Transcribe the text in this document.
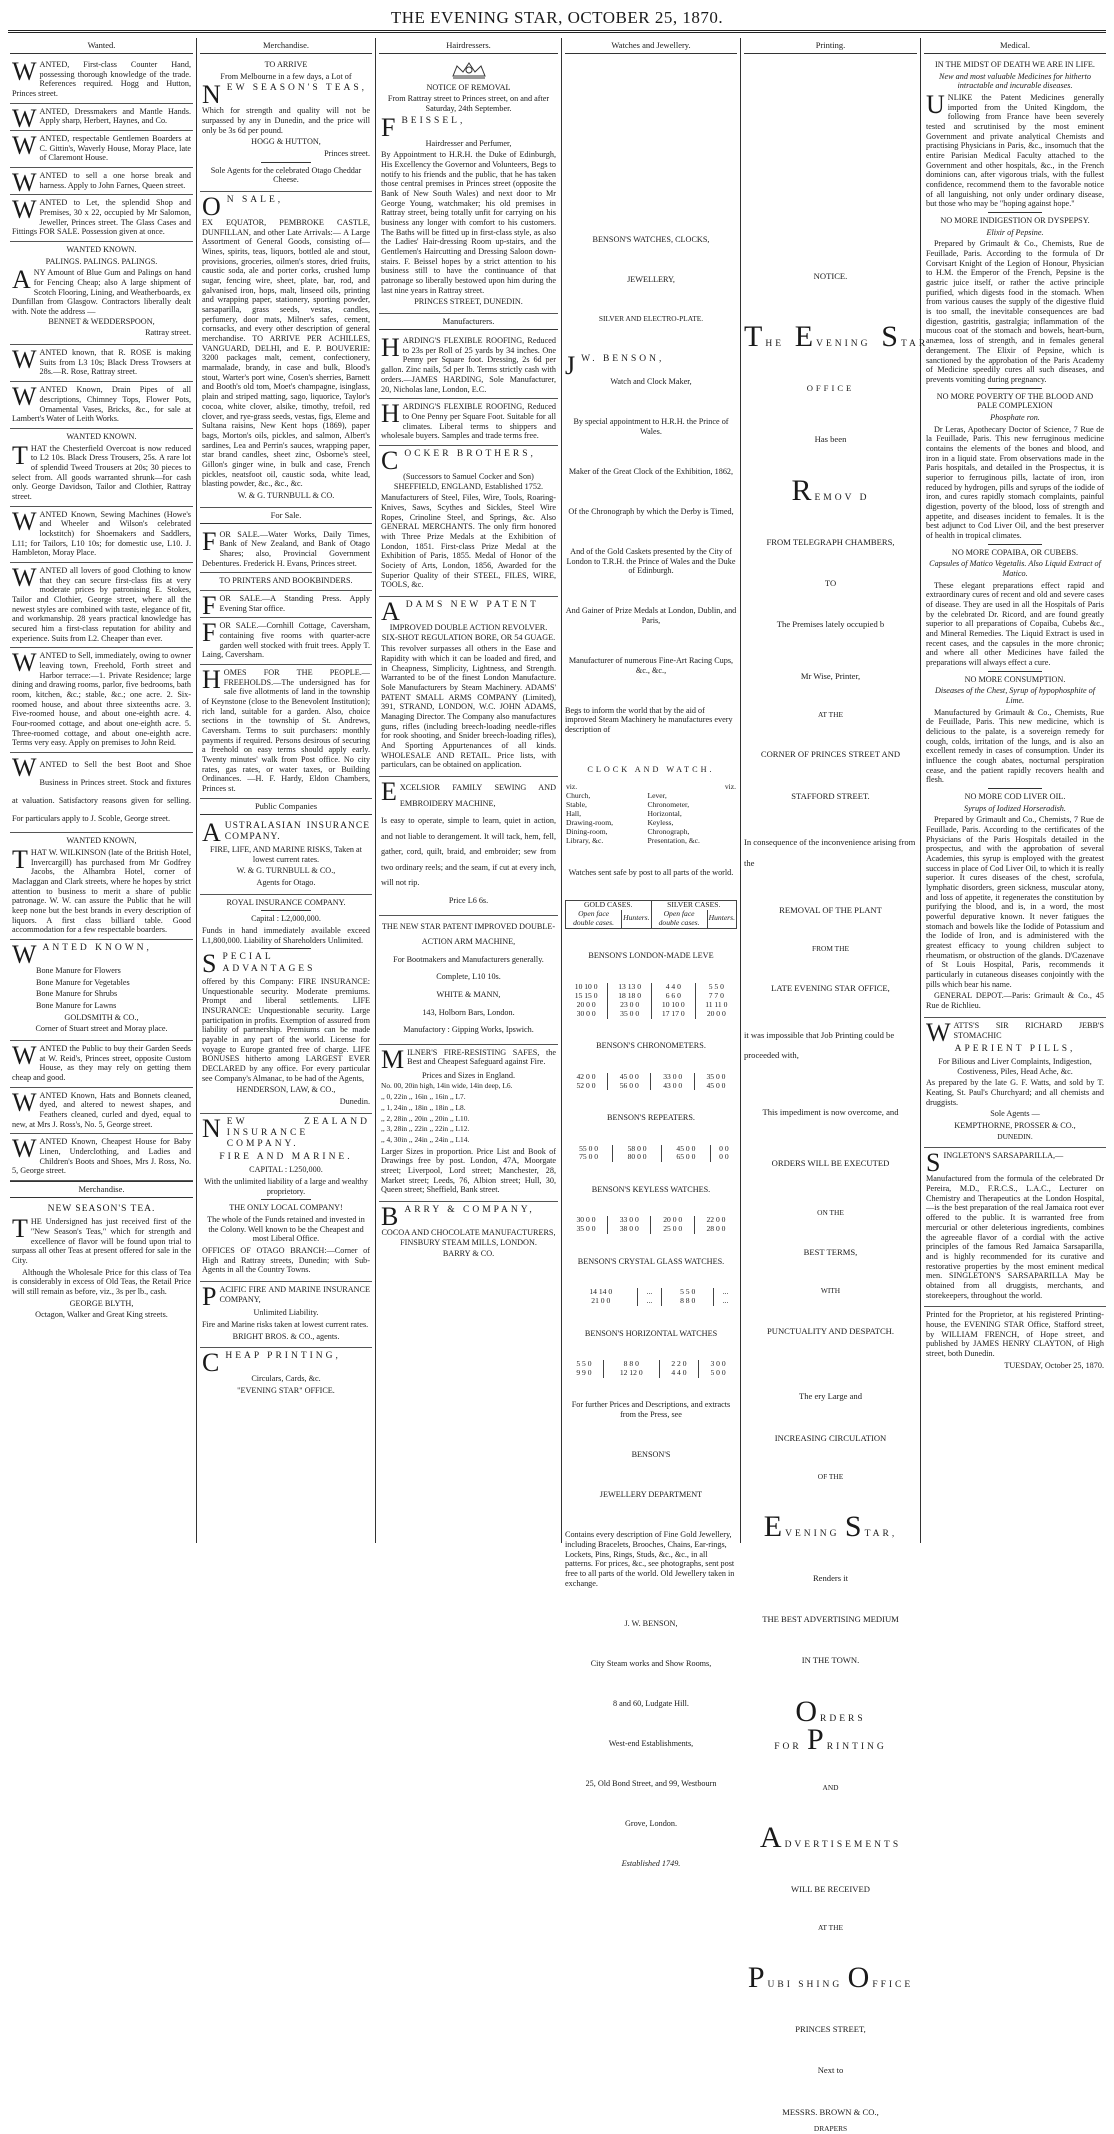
THE EVENING STAR, OCTOBER 25, 1870.
Wanted.
WANTED, First-class Counter Hand, possessing thorough knowledge of the trade. References required. Hogg and Hutton, Princes street.
WANTED, Dressmakers and Mantle Hands. Apply sharp, Herbert, Haynes, and Co.
WANTED, respectable Gentlemen Boarders at C. Gittin's, Waverly House, Moray Place, late of Claremont House.
WANTED to sell a one horse break and harness. Apply to John Farnes, Queen street.
WANTED to Let, the splendid Shop and Premises, 30 x 22, occupied by Mr Salomon, Jeweller, Princes street. The Glass Cases and Fittings FOR SALE. Possession given at once.

WANTED KNOWN.

PALINGS. PALINGS. PALINGS.

A NY Amount of Blue Gum and Palings on hand for Fencing Cheap; also A large shipment of Scotch Flooring, Lining, and Weatherboards, ex Dunfillan from Glasgow. Contractors liberally dealt with. Note the address —

BENNET & WEDDERSPOON,

Rattray street.

WANTED known, that R. ROSE is making Suits from L3 10s; Black Dress Trowsers at 28s.—R. Rose, Rattray street.
WANTED Known, Drain Pipes of all descriptions, Chimney Tops, Flower Pots, Ornamental Vases, Bricks, &c., for sale at Lambert's Water of Leith Works.

WANTED KNOWN.

T HAT the Chesterfield Overcoat is now reduced to L2 10s. Black Dress Trousers, 25s. A rare lot of splendid Tweed Trousers at 20s; 30 pieces to select from. All goods warranted shrunk—for cash only. George Davidson, Tailor and Clothier, Rattray street.
WANTED Known, Sewing Machines (Howe's and Wheeler and Wilson's celebrated lockstitch) for Shoemakers and Saddlers, L11; for Tailors, L10 10s; for domestic use, L10. J. Hambleton, Moray Place.
WANTED all lovers of good Clothing to know that they can secure first-class fits at very moderate prices by patronising E. Stokes, Tailor and Clothier, George street, where all the newest styles are combined with taste, elegance of fit, and workmanship. 28 years practical knowledge has secured him a first-class reputation for ability and experience. Suits from L2. Cheaper than ever.
WANTED to Sell, immediately, owing to owner leaving town, Freehold, Forth street and Harbor terrace:—1. Private Residence; large dining and drawing rooms, parlor, five bedrooms, bath room, kitchen, &c.; stable, &c.; one acre. 2. Six-roomed house, and about three sixteenths acre. 3. Five-roomed house, and about one-eighth acre. 4. Four-roomed cottage, and about one-eighth acre. 5. Three-roomed cottage, and about one-eighth acre. Terms very easy. Apply on premises to John Reid.
WANTED to Sell the best Boot and Shoe Business in Princes street. Stock and fixtures at valuation. Satisfactory reasons given for selling. For particulars apply to J. Scoble, George street.

WANTED KNOWN,

T HAT W. WILKINSON (late of the British Hotel, Invercargill) has purchased from Mr Godfrey Jacobs, the Alhambra Hotel, corner of Maclaggan and Clark streets, where he hopes by strict attention to business to merit a share of public patronage. W. W. can assure the Public that he will keep none but the best brands in every description of liquors. A first class billiard table. Good accommodation for a few respectable boarders.

WANTED KNOWN,

Bone Manure for Flowers

Bone Manure for Vegetables

Bone Manure for Shrubs

Bone Manure for Lawns

GOLDSMITH & CO.,

Corner of Stuart street and Moray place.

WANTED the Public to buy their Garden Seeds at W. Reid's, Princes street, opposite Custom House, as they may rely on getting them cheap and good.
WANTED Known, Hats and Bonnets cleaned, dyed, and altered to newest shapes, and Feathers cleaned, curled and dyed, equal to new, at Mrs J. Ross's, No. 5, George street.
WANTED Known, Cheapest House for Baby Linen, Underclothing, and Ladies and Children's Boots and Shoes, Mrs J. Ross, No. 5, George street.
Merchandise.

NEW SEASON'S TEA.

T HE Undersigned has just received first of the "New Season's Teas," which for strength and excellence of flavor will be found upon trial to surpass all other Teas at present offered for sale in the City.

Although the Wholesale Price for this class of Tea is considerably in excess of Old Teas, the Retail Price will still remain as before, viz., 3s per lb., cash.

GEORGE BLYTH,

Octagon, Walker and Great King streets.

Merchandise.

TO ARRIVE

From Melbourne in a few days, a Lot of

NEW SEASON'S TEAS,

Which for strength and quality will not be surpassed by any in Dunedin, and the price will only be 3s 6d per pound.

HOGG & HUTTON,

Princes street.

Sole Agents for the celebrated Otago Cheddar Cheese.

O N SALE,

EX EQUATOR, PEMBROKE CASTLE, DUNFILLAN, and other Late Arrivals:— A Large Assortment of General Goods, consisting of— Wines, spirits, teas, liquors, bottled ale and stout, provisions, groceries, oilmen's stores, dried fruits, caustic soda, ale and porter corks, crushed lump sugar, fencing wire, sheet, plate, bar, rod, and galvanised iron, hops, malt, linseed oils, printing and wrapping paper, stationery, sporting powder, sarsaparilla, grass seeds, vestas, candles, perfumery, door mats, Milner's safes, cement, cornsacks, and every other description of general merchandise. TO ARRIVE PER ACHILLES, VANGUARD, DELHI, and E. P. BOUVERIE: 3200 packages malt, cement, confectionery, marmalade, brandy, in case and bulk, Blood's stout, Warter's port wine, Cosen's sherries, Barnett and Booth's old tom, Moet's champagne, isinglass, plain and striped matting, sago, liquorice, Taylor's cocoa, white clover, alsike, timothy, trefoil, red clover, and rye-grass seeds, vestas, figs, Eleme and Sultana raisins, New Kent hops (1869), paper bags, Morton's oils, pickles, and salmon, Albert's sardines, Lea and Perrin's sauces, wrapping paper, star brand candles, sheet zinc, Osborne's steel, Gillon's ginger wine, in bulk and case, French pickles, neatsfoot oil, caustic soda, white lead, blasting powder, &c., &c., &c.

W. & G. TURNBULL & CO.

For Sale.
FOR SALE.—Water Works, Daily Times, Bank of New Zealand, and Bank of Otago Shares; also, Provincial Government Debentures. Frederick H. Evans, Princes street.
TO PRINTERS AND BOOKBINDERS.
FOR SALE.—A Standing Press. Apply Evening Star office.
FOR SALE.—Cornhill Cottage, Caversham, containing five rooms with quarter-acre garden well stocked with fruit trees. Apply T. Laing, Caversham.
HOMES FOR THE PEOPLE.—FREEHOLDS.—The undersigned has for sale five allotments of land in the township of Keynstone (close to the Benevolent Institution); rich land, suitable for a garden. Also, choice sections in the township of St. Andrews, Caversham. Terms to suit purchasers: monthly payments if required. Persons desirous of securing a freehold on easy terms should apply early. Twenty minutes' walk from Post office. No city rates, gas rates, or water taxes, or Building Ordinances. —H. F. Hardy, Eldon Chambers, Princes st.
Public Companies

AUSTRALASIAN INSURANCE COMPANY.

FIRE, LIFE, AND MARINE RISKS, Taken at lowest current rates.

W. & G. TURNBULL & CO.,

Agents for Otago.

ROYAL INSURANCE COMPANY.

Capital : L2,000,000.

Funds in hand immediately available exceed L1,800,000. Liability of Shareholders Unlimited.

SPECIAL ADVANTAGES

offered by this Company: FIRE INSURANCE: Unquestionable security. Moderate premiums. Prompt and liberal settlements. LIFE INSURANCE: Unquestionable security. Large participation in profits. Exemption of assured from liability of partnership. Premiums can be made payable in any part of the world. License for voyage to Europe granted free of charge. LIFE BONUSES hitherto among LARGEST EVER DECLARED by any office. For every particular see Company's Almanac, to be had of the Agents,

HENDERSON, LAW, & CO.,

Dunedin.

NEW ZEALAND INSURANCE COMPANY.

FIRE AND MARINE.

CAPITAL : L250,000.

With the unlimited liability of a large and wealthy proprietory.

THE ONLY LOCAL COMPANY!

The whole of the Funds retained and invested in the Colony. Well known to be the Cheapest and most Liberal Office.

OFFICES OF OTAGO BRANCH:—Corner of High and Rattray streets, Dunedin; with Sub-Agents in all the Country Towns.

PACIFIC FIRE AND MARINE INSURANCE COMPANY,

Unlimited Liability.

Fire and Marine risks taken at lowest current rates.

BRIGHT BROS. & CO., agents.

CHEAP PRINTING,

Circulars, Cards, &c.

"EVENING STAR" OFFICE.

Hairdressers.

NOTICE OF REMOVAL

From Rattray street to Princes street, on and after Saturday, 24th September.

FBEISSEL,

Hairdresser and Perfumer,

By Appointment to H.R.H. the Duke of Edinburgh, His Excellency the Governor and Volunteers, Begs to notify to his friends and the public, that he has taken those central premises in Princes street (opposite the Bank of New South Wales) and next door to Mr George Young, watchmaker; his old premises in Rattray street, being totally unfit for carrying on his business any longer with comfort to his customers. The Baths will be fitted up in first-class style, as also the Ladies' Hair-dressing Room up-stairs, and the Gentlemen's Haircutting and Dressing Saloon down-stairs. F. Beissel hopes by a strict attention to his business still to have the continuance of that patronage so liberally bestowed upon him during the last nine years in Rattray street.

PRINCES STREET, DUNEDIN.

Manufacturers.
HARDING'S FLEXIBLE ROOFING, Reduced to 23s per Roll of 25 yards by 34 inches. One Penny per Square foot. Dressing, 2s 6d per gallon. Zinc nails, 5d per lb. Terms strictly cash with orders.—JAMES HARDING, Sole Manufacturer, 20, Nicholas lane, London, E.C.
HARDING'S FLEXIBLE ROOFING, Reduced to One Penny per Square Foot. Suitable for all climates. Liberal terms to shippers and wholesale buyers. Samples and trade terms free.

COCKER BROTHERS,

(Successors to Samuel Cocker and Son) SHEFFIELD, ENGLAND, Established 1752.

Manufacturers of Steel, Files, Wire, Tools, Roaring-Knives, Saws, Scythes and Sickles, Steel Wire Ropes, Crinoline Steel, and Springs, &c. Also GENERAL MERCHANTS. The only firm honored with Three Prize Medals at the Exhibition of London, 1851. First-class Prize Medal at the Exhibition of Paris, 1855. Medal of Honor of the Society of Arts, London, 1856, Awarded for the Superior Quality of their STEEL, FILES, WIRE, TOOLS, &c.

ADAMS NEW PATENT

IMPROVED DOUBLE ACTION REVOLVER. SIX-SHOT REGULATION BORE, OR 54 GUAGE.

This revolver surpasses all others in the Ease and Rapidity with which it can be loaded and fired, and in Cheapness, Simplicity, Lightness, and Strength. Warranted to be of the finest London Manufacture. Sole Manufacturers by Steam Machinery. ADAMS' PATENT SMALL ARMS COMPANY (Limited), 391, STRAND, LONDON, W.C. JOHN ADAMS, Managing Director. The Company also manufactures guns, rifles (including breech-loading needle-rifles for rook shooting, and Snider breech-loading rifles), And Sporting Appurtenances of all kinds. WHOLESALE AND RETAIL. Price lists, with particulars, can be obtained on application.

EXCELSIOR FAMILY SEWING AND EMBROIDERY MACHINE,

Is easy to operate, simple to learn, quiet in action, and not liable to derangement. It will tack, hem, fell, gather, cord, quilt, braid, and embroider; sew from two ordinary reels; and the seam, if cut at every inch, will not rip.

Price L6 6s.

THE NEW STAR PATENT IMPROVED DOUBLE-ACTION ARM MACHINE,

For Bootmakers and Manufacturers generally.

Complete, L10 10s.

WHITE & MANN,

143, Holborn Bars, London.

Manufactory : Gipping Works, Ipswich.

MILNER'S FIRE-RESISTING SAFES, the Best and Cheapest Safeguard against Fire.

Prices and Sizes in England.

No. 00, 20in high, 14in wide, 14in deep, L6.

,, 0, 22in ,, 16in ,, 16in ,, L7.

,, 1, 24in ,, 18in ,, 18in ,, L8.

,, 2, 28in ,, 20in ,, 20in ,, L10.

,, 3, 28in ,, 22in ,, 22in ,, L12.

,, 4, 30in ,, 24in ,, 24in ,, L14.

Larger Sizes in proportion. Price List and Book of Drawings free by post. London, 47A, Moorgate street; Liverpool, Lord street; Manchester, 28, Market street; Leeds, 76, Albion street; Hull, 30, Queen street; Sheffield, Bank street.

BARRY & COMPANY,

COCOA AND CHOCOLATE MANUFACTURERS, FINSBURY STEAM MILLS, LONDON.

BARRY & CO.

Watches and Jewellery.

BENSON'S WATCHES, CLOCKS,

JEWELLERY,

SILVER AND ELECTRO-PLATE.

J W. BENSON,

Watch and Clock Maker,

By special appointment to H.R.H. the Prince of Wales.

Maker of the Great Clock of the Exhibition, 1862,

Of the Chronograph by which the Derby is Timed,

And of the Gold Caskets presented by the City of London to T.R.H. the Prince of Wales and the Duke of Edinburgh.

And Gainer of Prize Medals at London, Dublin, and Paris,

Manufacturer of numerous Fine-Art Racing Cups, &c., &c.,

Begs to inform the world that by the aid of improved Steam Machinery he manufactures every description of

CLOCK AND WATCH.

viz.	viz.
Church,	Lever,
Stable,	Chronometer,
Hall,	Horizontal,
Drawing-room,	Keyless,
Dining-room,	Chronograph,
Library, &c.	Presentation, &c.

Watches sent safe by post to all parts of the world.

GOLD CASES.		SILVER CASES.	
Open face double cases.	Hunters.	Open face double cases.	Hunters.

BENSON'S LONDON-MADE LEVE

10 10 0	13 13 0	4 4 0	5 5 0
15 15 0	18 18 0	6 6 0	7 7 0
20 0 0	23 0 0	10 10 0	11 11 0
30 0 0	35 0 0	17 17 0	20 0 0

BENSON'S CHRONOMETERS.

42 0 0	45 0 0	33 0 0	35 0 0
52 0 0	56 0 0	43 0 0	45 0 0

BENSON'S REPEATERS.

55 0 0	58 0 0	45 0 0	0 0
75 0 0	80 0 0	65 0 0	0 0

BENSON'S KEYLESS WATCHES.

30 0 0	33 0 0	20 0 0	22 0 0
35 0 0	38 0 0	25 0 0	28 0 0

BENSON'S CRYSTAL GLASS WATCHES.

14 14 0	...	5 5 0	...
21 0 0	...	8 8 0	...

BENSON'S HORIZONTAL WATCHES

5 5 0	8 8 0	2 2 0	3 0 0
9 9 0	12 12 0	4 4 0	5 0 0

For further Prices and Descriptions, and extracts from the Press, see

BENSON'S

JEWELLERY DEPARTMENT

Contains every description of Fine Gold Jewellery, including Bracelets, Brooches, Chains, Ear-rings, Lockets, Pins, Rings, Studs, &c., &c., in all patterns. For prices, &c., see photographs, sent post free to all parts of the world. Old Jewellery taken in exchange.

J. W. BENSON,

City Steam works and Show Rooms,

8 and 60, Ludgate Hill.

West-end Establishments,

25, Old Bond Street, and 99, Westbourn

Grove, London.

Established 1749.

Printing.

NOTICE.

THE EVENING STAR

OFFICE

Has been

REMOV D

FROM TELEGRAPH CHAMBERS,

TO

The Premises lately occupied b

Mr Wise, Printer,

AT THE

CORNER OF PRINCES STREET AND

STAFFORD STREET.

In consequence of the inconvenience arising from the

REMOVAL OF THE PLANT

FROM THE

LATE EVENING STAR OFFICE,

it was impossible that Job Printing could be proceeded with,

This impediment is now overcome, and

ORDERS WILL BE EXECUTED

ON THE

BEST TERMS,

WITH

PUNCTUALITY AND DESPATCH.

The ery Large and

INCREASING CIRCULATION

OF THE

EVENING STAR,

Renders it

THE BEST ADVERTISING MEDIUM

IN THE TOWN.

ORDERS FOR PRINTING

AND

ADVERTISEMENTS

WILL BE RECEIVED

AT THE

PUBI SHING OFFICE

PRINCES STREET,

Next to

MESSRS. BROWN & CO.,

DRAPERS

Medical.

IN THE MIDST OF DEATH WE ARE IN LIFE.

New and most valuable Medicines for hitherto intractable and incurable diseases.

U NLIKE the Patent Medicines generally imported from the United Kingdom, the following from France have been severely tested and scrutinised by the most eminent Government and private analytical Chemists and practising Physicians in Paris, &c., insomuch that the entire Parisian Medical Faculty attached to the Government and other hospitals, &c., in the French dominions can, after vigorous trials, with the fullest confidence, recommend them to the favorable notice of all languishing, not only under ordinary disease, but those who may be "hoping against hope."

NO MORE INDIGESTION OR DYSPEPSY.

Elixir of Pepsine.

Prepared by Grimault & Co., Chemists, Rue de Feuillade, Paris. According to the formula of Dr Corvisart Knight of the Legion of Honour, Physician to H.M. the Emperor of the French, Pepsine is the gastric juice itself, or rather the active principle purified, which digests food in the stomach. When from various causes the supply of the digestive fluid is too small, the inevitable consequences are bad digestion, gastritis, gastralgia; inflammation of the mucous coat of the stomach and bowels, heart-burn, anæmea, loss of strength, and in females general derangement. The Elixir of Pepsine, which is sanctioned by the approbation of the Paris Academy of Medicine speedily cures all such diseases, and prevents vomiting during pregnancy.

NO MORE POVERTY OF THE BLOOD AND PALE COMPLEXION

Phosphate ron.

Dr Leras, Apothecary Doctor of Science, 7 Rue de la Feuillade, Paris. This new ferruginous medicine contains the elements of the bones and blood, and iron in a liquid state. From observations made in the Paris hospitals, and detailed in the Prospectus, it is superior to ferruginous pills, lactate of iron, iron reduced by hydrogen, pills and syrups of the iodide of iron, and cures rapidly stomach complaints, painful digestion, poverty of the blood, loss of strength and appetite, and diseases incident to females. It is the best adjunct to Cod Liver Oil, and the best preserver of health in tropical climates.

NO MORE COPAIBA, OR CUBEBS.

Capsules of Matico Vegetalis. Also Liquid Extract of Matico.

These elegant preparations effect rapid and extraordinary cures of recent and old and severe cases of disease. They are used in all the Hospitals of Paris by the celebrated Dr. Ricord, and are found greatly superior to all preparations of Copaiba, Cubebs &c., and Mineral Remedies. The Liquid Extract is used in recent cases, and the capsules in the more chronic; and where all other Medicines have failed the preparations will always effect a cure.

NO MORE CONSUMPTION.

Diseases of the Chest, Syrup of hypophosphite of Lime.

Manufactured by Grimault & Co., Chemists, Rue de Feuillade, Paris. This new medicine, which is delicious to the palate, is a sovereign remedy for cough, colds, irritation of the lungs, and is also an excellent remedy in cases of consumption. Under its influence the cough abates, nocturnal perspiration cease, and the patient rapidly recovers health and flesh.

NO MORE COD LIVER OIL.

Syrups of Iodized Horseradish.

Prepared by Grimault and Co., Chemists, 7 Rue de Feuillade, Paris. According to the certificates of the Physicians of the Paris Hospitals detailed in the prospectus, and with the approbation of several Academies, this syrup is employed with the greatest success in place of Cod Liver Oil, to which it is really superior. It cures diseases of the chest, scrofula, lymphatic disorders, green sickness, muscular atony, and loss of appetite, it regenerates the constitution by purifying the blood, and is, in a word, the most powerful depurative known. It never fatigues the stomach and bowels like the Iodide of Potassium and the Iodide of Iron, and is administered with the greatest efficacy to young children subject to rheumatism, or obstruction of the glands. D'Cazenave of St Louis Hospital, Paris, recommends it particularly in cutaneous diseases conjointly with the pills which bear his name.

GENERAL DEPOT.—Paris: Grimault & Co., 45 Rue de Richlieu.

WATTS'S SIR RICHARD JEBB'S STOMACHIC

APERIENT PILLS,

For Bilious and Liver Complaints, Indigestion, Costiveness, Piles, Head Ache, &c.

As prepared by the late G. F. Watts, and sold by T. Keating, St. Paul's Churchyard; and all chemists and druggists.

Sole Agents —

KEMPTHORNE, PROSSER & CO.,

DUNEDIN.

SINGLETON'S SARSAPARILLA,—

Manufactured from the formula of the celebrated Dr Pereira, M.D., F.R.C.S., L.A.C., Lecturer on Chemistry and Therapeutics at the London Hospital,—is the best preparation of the real Jamaica root ever offered to the public. It is warranted free from mercurial or other deleterious ingredients, combines the agreeable flavor of a cordial with the active principles of the famous Red Jamaica Sarsaparilla, and is highly recommended for its curative and restorative properties by the most eminent medical men. SINGLETON'S SARSAPARILLA May be obtained from all druggists, merchants, and storekeepers, throughout the world.

Printed for the Proprietor, at his registered Printing-house, the EVENING STAR Office, Stafford street, by WILLIAM FRENCH, of Hope street, and published by JAMES HENRY CLAYTON, of High street, both Dunedin.

TUESDAY, October 25, 1870.
